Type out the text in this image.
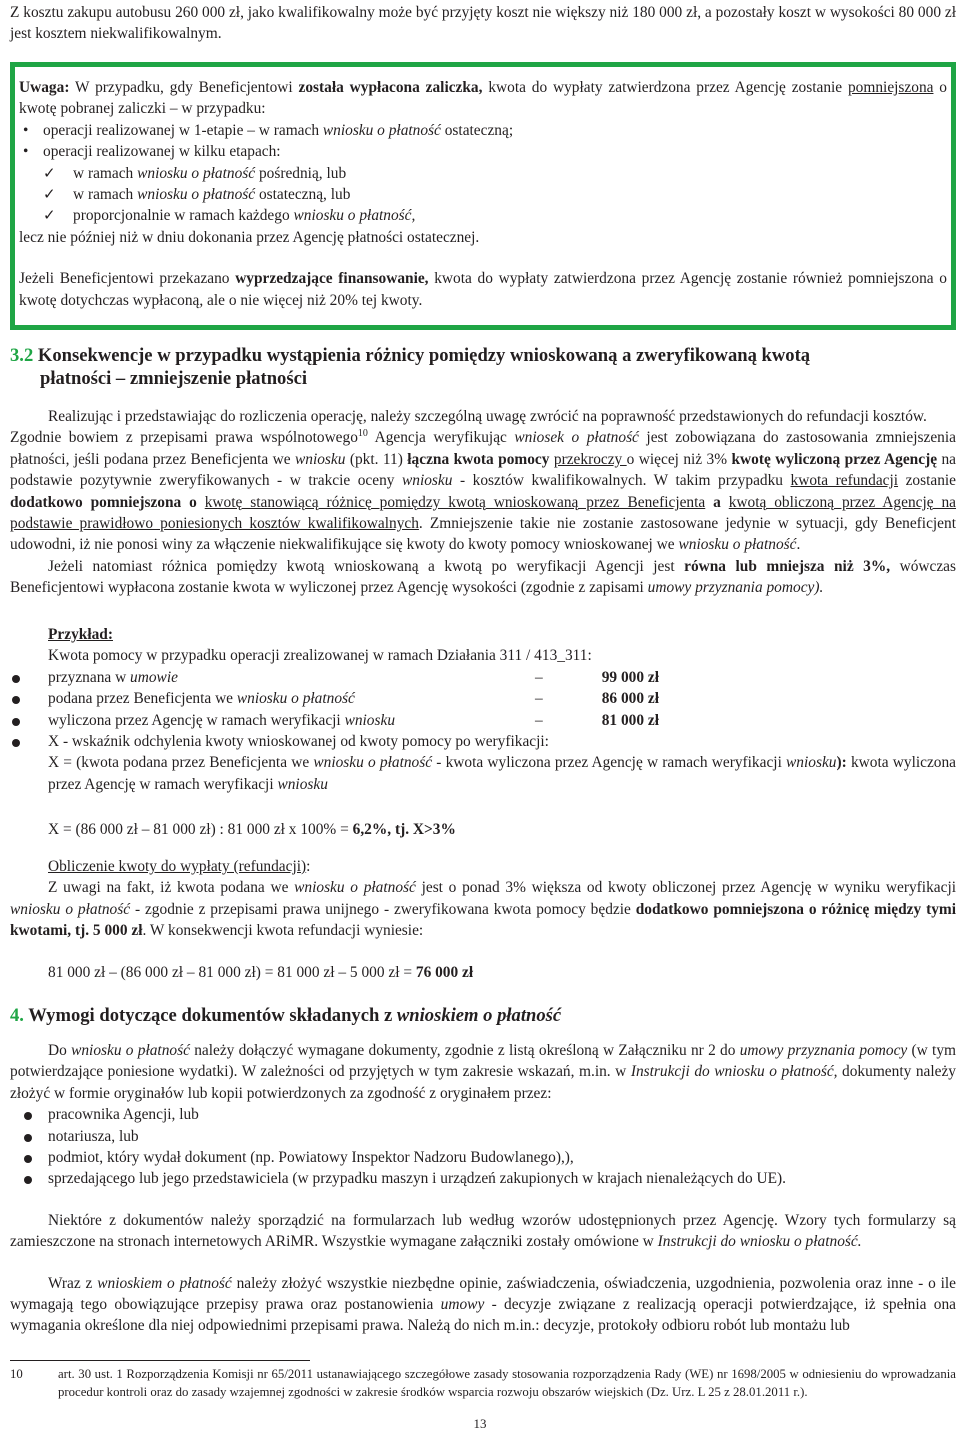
Z kosztu zakupu autobusu 260 000 zł, jako kwalifikowalny może być przyjęty koszt nie większy niż 180 000 zł, a pozostały koszt w wysokości 80 000 zł jest kosztem niekwalifikowalnym.

Uwaga: W przypadku, gdy Beneficjentowi została wypłacona zaliczka, kwota do wypłaty zatwierdzona przez Agencję zostanie pomniejszona o kwotę pobranej zaliczki – w przypadku:

• operacji realizowanej w 1-etapie – w ramach wniosku o płatność ostateczną;
• operacji realizowanej w kilku etapach:
✓ w ramach wniosku o płatność pośrednią, lub
✓ w ramach wniosku o płatność ostateczną, lub
✓ proporcjonalnie w ramach każdego wniosku o płatność,

lecz nie później niż w dniu dokonania przez Agencję płatności ostatecznej.

Jeżeli Beneficjentowi przekazano wyprzedzające finansowanie, kwota do wypłaty zatwierdzona przez Agencję zostanie również pomniejszona o kwotę dotychczas wypłaconą, ale o nie więcej niż 20% tej kwoty.

3.2 Konsekwencje w przypadku wystąpienia różnicy pomiędzy wnioskowaną a zweryfikowaną kwotą
płatności – zmniejszenie płatności

Realizując i przedstawiając do rozliczenia operację, należy szczególną uwagę zwrócić na poprawność przedstawionych do refundacji kosztów.

Zgodnie bowiem z przepisami prawa wspólnotowego$^{10}$ Agencja weryfikując wniosek o płatność jest zobowiązana do zastosowania zmniejszenia płatności, jeśli podana przez Beneficjenta we wniosku (pkt. 11) łączna kwota pomocy przekroczy o więcej niż 3% kwotę wyliczoną przez Agencję na podstawie pozytywnie zweryfikowanych - w trakcie oceny wniosku - kosztów kwalifikowalnych. W takim przypadku kwota refundacji zostanie dodatkowo pomniejszona o kwotę stanowiącą różnicę pomiędzy kwotą wnioskowaną przez Beneficjenta a kwotą obliczoną przez Agencję na podstawie prawidłowo poniesionych kosztów kwalifikowalnych. Zmniejszenie takie nie zostanie zastosowane jedynie w sytuacji, gdy Beneficjent udowodni, iż nie ponosi winy za włączenie niekwalifikujące się kwoty do kwoty pomocy wnioskowanej we wniosku o płatność.

Jeżeli natomiast różnica pomiędzy kwotą wnioskowaną a kwotą po weryfikacji Agencji jest równa lub mniejsza niż 3%, wówczas Beneficjentowi wypłacona zostanie kwota w wyliczonej przez Agencję wysokości (zgodnie z zapisami umowy przyznania pomocy).

Przykład:

Kwota pomocy w przypadku operacji zrealizowanej w ramach Działania 311 / 413_311:

przyznana w umowie	–	99 000 zł
podana przez Beneficjenta we wniosku o płatność	–	86 000 zł
wyliczona przez Agencję w ramach weryfikacji wniosku	–	81 000 zł

X - wskaźnik odchylenia kwoty wnioskowanej od kwoty pomocy po weryfikacji:

X = (kwota podana przez Beneficjenta we wniosku o płatność - kwota wyliczona przez Agencję w ramach weryfikacji wniosku): kwota wyliczona przez Agencję w ramach weryfikacji wniosku

X = (86 000 zł – 81 000 zł) : 81 000 zł x 100% = 6,2%, tj. X>3%

Obliczenie kwoty do wypłaty (refundacji):

Z uwagi na fakt, iż kwota podana we wniosku o płatność jest o ponad 3% większa od kwoty obliczonej przez Agencję w wyniku weryfikacji wniosku o płatność - zgodnie z przepisami prawa unijnego - zweryfikowana kwota pomocy będzie dodatkowo pomniejszona o różnicę między tymi kwotami, tj. 5 000 zł. W konsekwencji kwota refundacji wyniesie:

81 000 zł – (86 000 zł – 81 000 zł) = 81 000 zł – 5 000 zł = 76 000 zł

4. Wymogi dotyczące dokumentów składanych z wnioskiem o płatność

Do wniosku o płatność należy dołączyć wymagane dokumenty, zgodnie z listą określoną w Załączniku nr 2 do umowy przyznania pomocy (w tym potwierdzające poniesione wydatki). W zależności od przyjętych w tym zakresie wskazań, m.in. w Instrukcji do wniosku o płatność, dokumenty należy złożyć w formie oryginałów lub kopii potwierdzonych za zgodność z oryginałem przez:

pracownika Agencji, lub
notariusza, lub
podmiot, który wydał dokument (np. Powiatowy Inspektor Nadzoru Budowlanego),),
sprzedającego lub jego przedstawiciela (w przypadku maszyn i urządzeń zakupionych w krajach nienależących do UE).

Niektóre z dokumentów należy sporządzić na formularzach lub według wzorów udostępnionych przez Agencję. Wzory tych formularzy są zamieszczone na stronach internetowych ARiMR. Wszystkie wymagane załączniki zostały omówione w Instrukcji do wniosku o płatność.

Wraz z wnioskiem o płatność należy złożyć wszystkie niezbędne opinie, zaświadczenia, oświadczenia, uzgodnienia, pozwolenia oraz inne - o ile wymagają tego obowiązujące przepisy prawa oraz postanowienia umowy - decyzje związane z realizacją operacji potwierdzające, iż spełnia ona wymagania określone dla niej odpowiednimi przepisami prawa. Należą do nich m.in.: decyzje, protokoły odbioru robót lub montażu lub

10	art. 30 ust. 1 Rozporządzenia Komisji nr 65/2011 ustanawiającego szczegółowe zasady stosowania rozporządzenia Rady (WE) nr 1698/2005 w odniesieniu do wprowadzania procedur kontroli oraz do zasady wzajemnej zgodności w zakresie środków wsparcia rozwoju obszarów wiejskich (Dz. Urz. L 25 z 28.01.2011 r.).
13
